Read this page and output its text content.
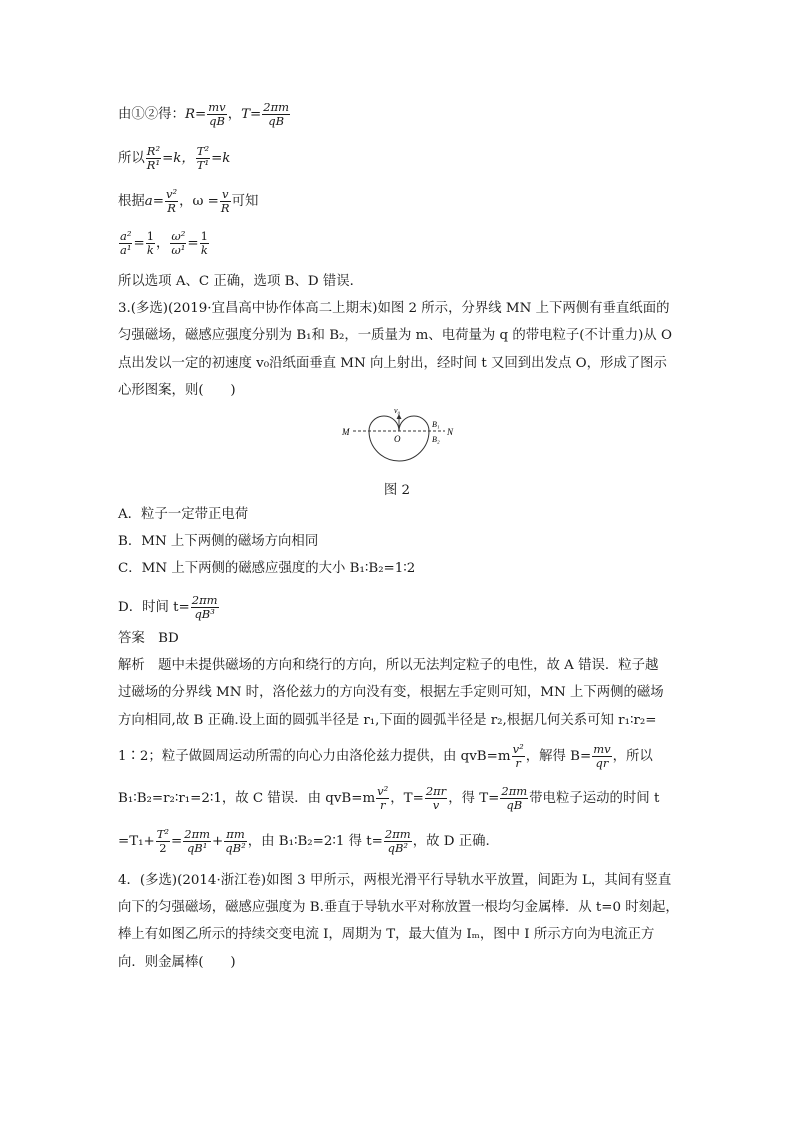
由①②得：$R= \frac{mv}{qB}$ ，$T= \frac{2\pi m}{qB}$
所以 $\frac{\text{R²}}{\text{R¹}} =k$， $\frac{\text{T²}}{\text{T¹}} =k$
根据$a= \frac{\text{v²}}{R}$ ，$\omega = \frac{v}{R}$ 可知
$\frac{\text{a²}}{\text{a¹}} = \frac{1}{k}$ ， $\frac{\text{ω²}}{\text{ω¹}} = \frac{1}{k}$
所以选项 A、C 正确，选项 B、D 错误．
3.(多选)(2019·宜昌高中协作体高二上期末)如图 2 所示，分界线 MN 上下两侧有垂直纸面的
匀强磁场，磁感应强度分别为 B₁和 B₂，一质量为 m、电荷量为 q 的带电粒子(不计重力)从 O
点出发以一定的初速度 v₀沿纸面垂直 MN 向上射出，经时间 t 又回到出发点 O，形成了图示
心形图案，则(　　)
M	N
O
v₀
B₁
B₂
图 2
A．粒子一定带正电荷
B．MN 上下两侧的磁场方向相同
C．MN 上下两侧的磁感应强度的大小 B₁∶B₂=1∶2
D．时间 $t= \frac{2\pi m}{\text{qB³}}$
答案　BD
解析　题中未提供磁场的方向和绕行的方向，所以无法判定粒子的电性，故 A 错误．粒子越
过磁场的分界线 MN 时，洛伦兹力的方向没有变，根据左手定则可知，MN 上下两侧的磁场
方向相同,故 B 正确.设上面的圆弧半径是 r₁,下面的圆弧半径是 r₂,根据几何关系可知 r₁∶r₂=
1∶2；粒子做圆周运动所需的向心力由洛伦兹力提供，由 $qvB=m \frac{\text{v²}}{r}$ ，解得 $B= \frac{mv}{qr}$ ，所以
B₁∶B₂=r₂∶r₁=2∶1，故 C 错误．由 $qvB=m \frac{\text{v²}}{r}$ ，$T= \frac{2\pi r}{v}$ ，得 $T= \frac{2\pi m}{qB}$ 带电粒子运动的时间 t
$=T_1+ \frac{\text{T²}}{2} = \frac{2\pi m}{\text{qB¹}} + \frac{\pi m}{\text{qB²}}$ ，由 B₁∶B₂=2∶1 得 $t= \frac{2\pi m}{\text{qB²}}$ ，故 D 正确.
4．(多选)(2014·浙江卷)如图 3 甲所示，两根光滑平行导轨水平放置，间距为 L，其间有竖直
向下的匀强磁场，磁感应强度为 B.垂直于导轨水平对称放置一根均匀金属棒．从 t=0 时刻起，
棒上有如图乙所示的持续交变电流 I，周期为 T，最大值为 Iₘ，图中 I 所示方向为电流正方
向．则金属棒(　　)
